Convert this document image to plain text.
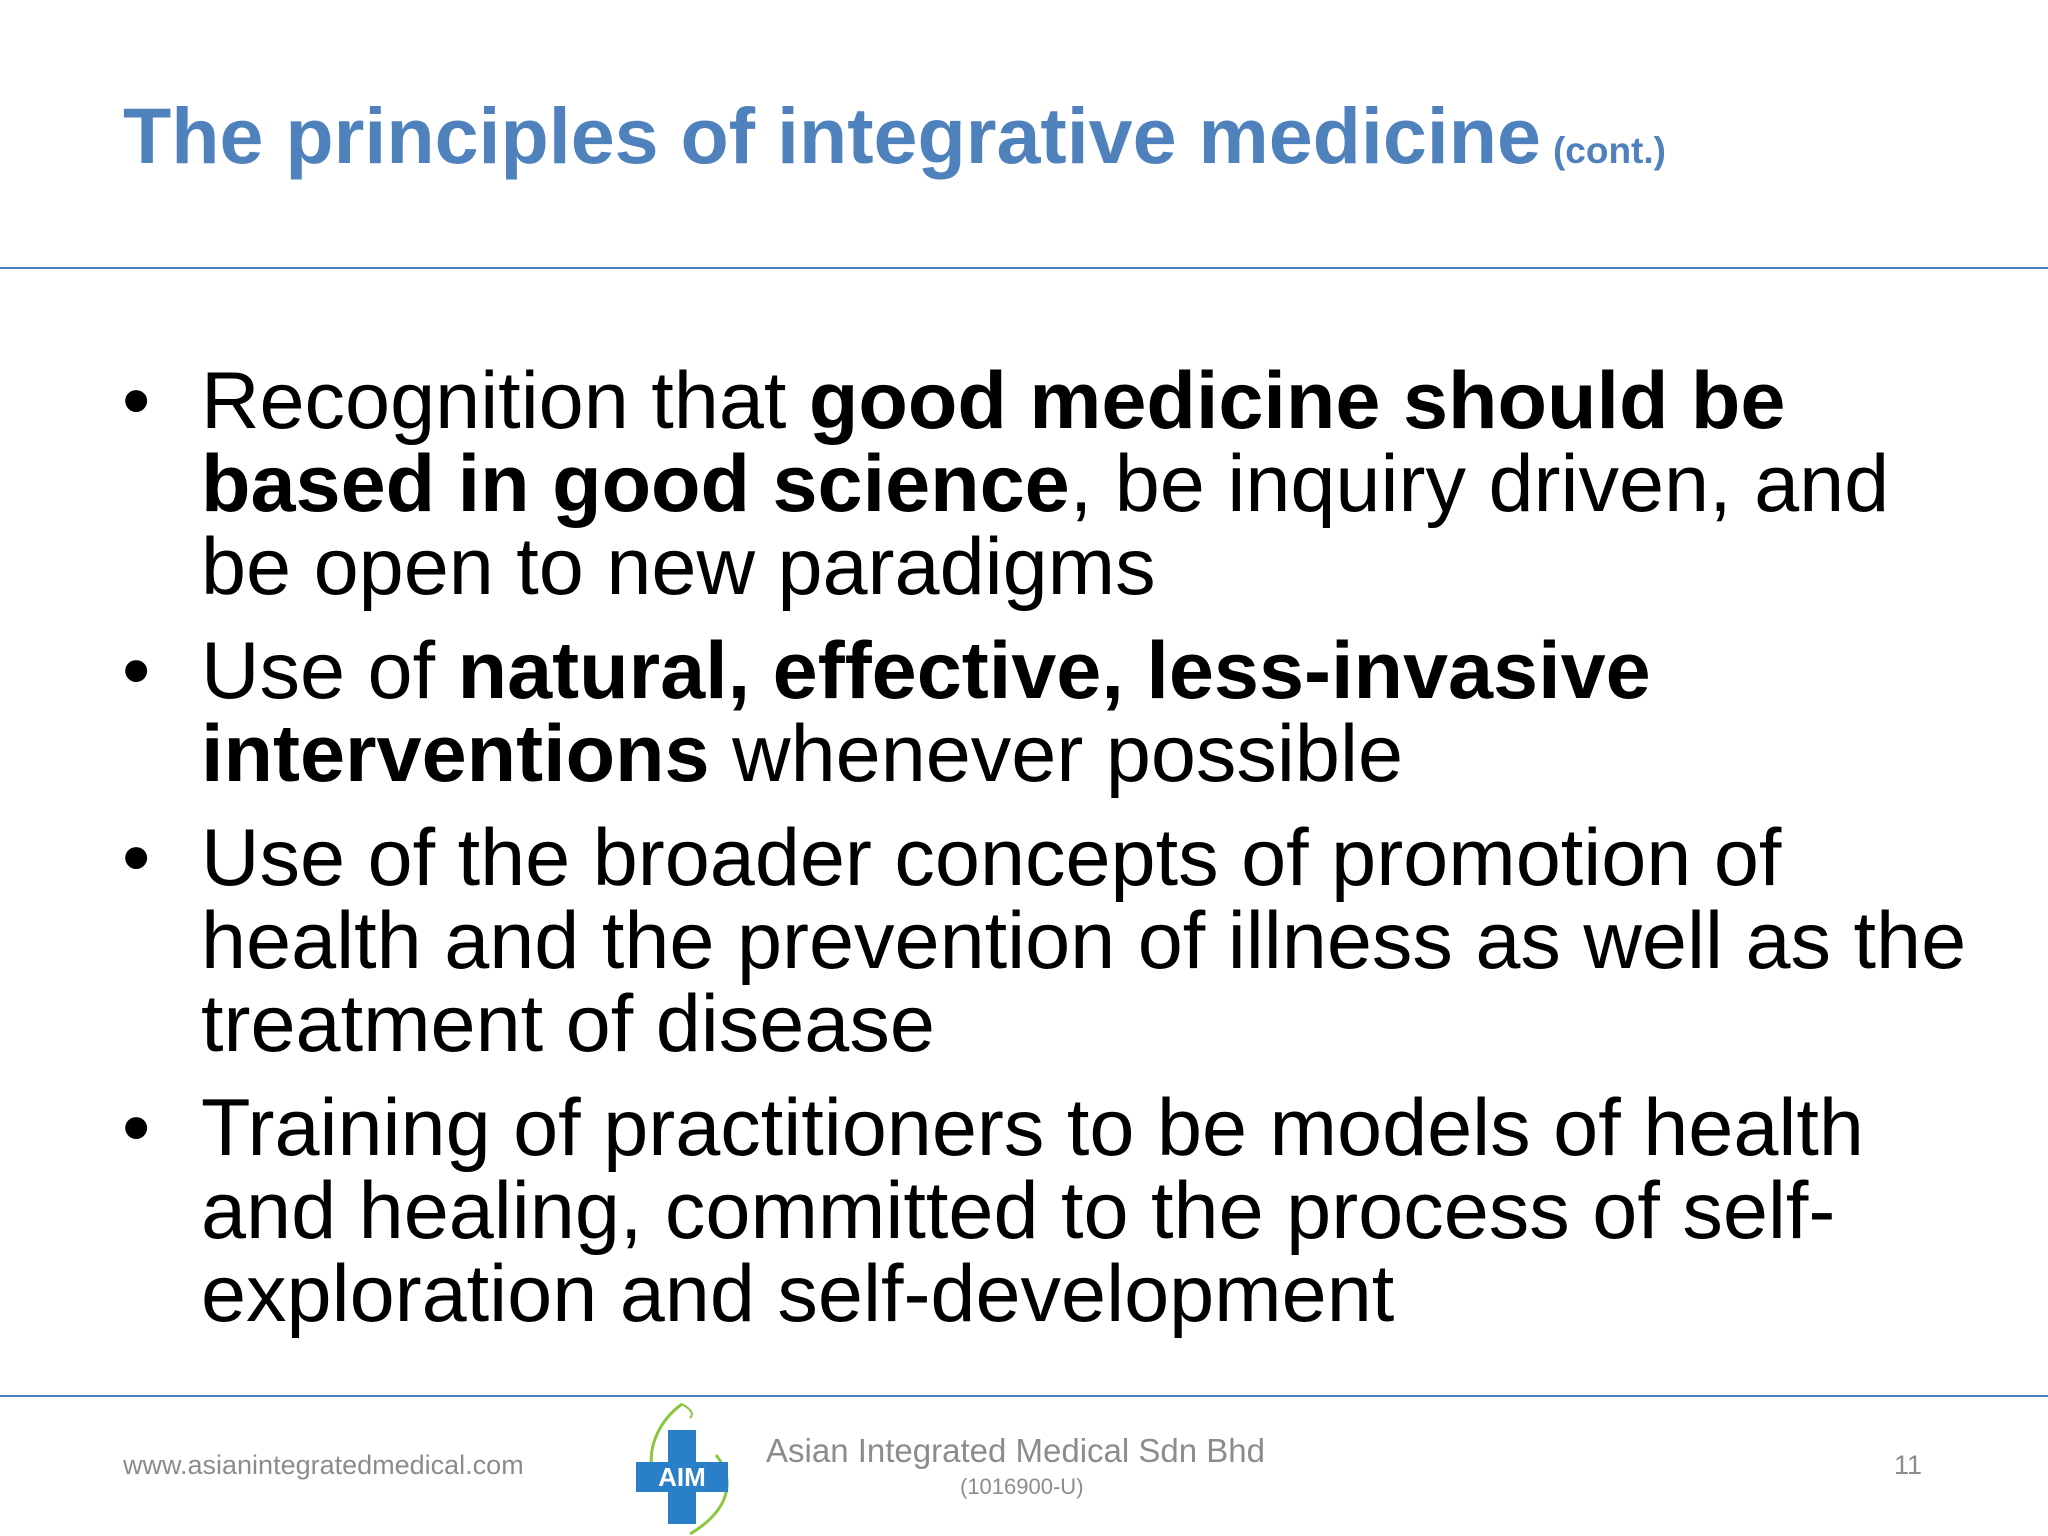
The principles of integrative medicine (cont.)
• Recognition that good medicine should be based in good science, be inquiry driven, and be open to new paradigms
• Use of natural, effective, less-invasive interventions whenever possible
• Use of the broader concepts of promotion of health and the prevention of illness as well as the treatment of disease
• Training of practitioners to be models of health and healing, committed to the process of self-exploration and self-development
www.asianintegratedmedical.com	AIM
Asian Integrated Medical Sdn Bhd
(1016900-U)
11
